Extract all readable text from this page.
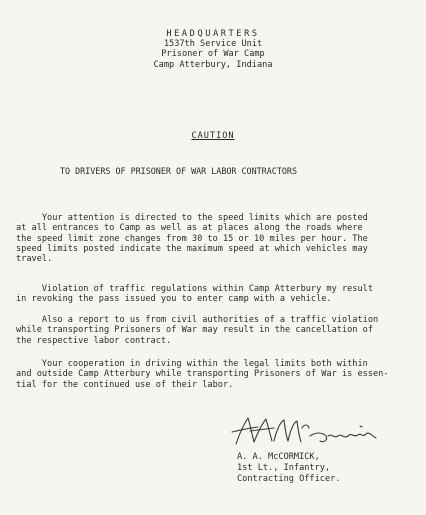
HEADQUARTERS
1537th Service Unit
Prisoner of War Camp
Camp Atterbury, Indiana
CAUTION
TO DRIVERS OF PRISONER OF WAR LABOR CONTRACTORS
Your attention is directed to the speed limits which are posted
at all entrances to Camp as well as at places along the roads where
the speed limit zone changes from 30 to 15 or 10 miles per hour. The
speed limits posted indicate the maximum speed at which vehicles may
travel.
Violation of traffic regulations within Camp Atterbury my result
in revoking the pass issued you to enter camp with a vehicle.
Also a report to us from civil authorities of a traffic violation
while transporting Prisoners of War may result in the cancellation of
the respective labor contract.
Your cooperation in driving within the legal limits both within
and outside Camp Atterbury while transporting Prisoners of War is essen-
tial for the continued use of their labor.
A. A. McCORMICK,
1st Lt., Infantry,
Contracting Officer.
